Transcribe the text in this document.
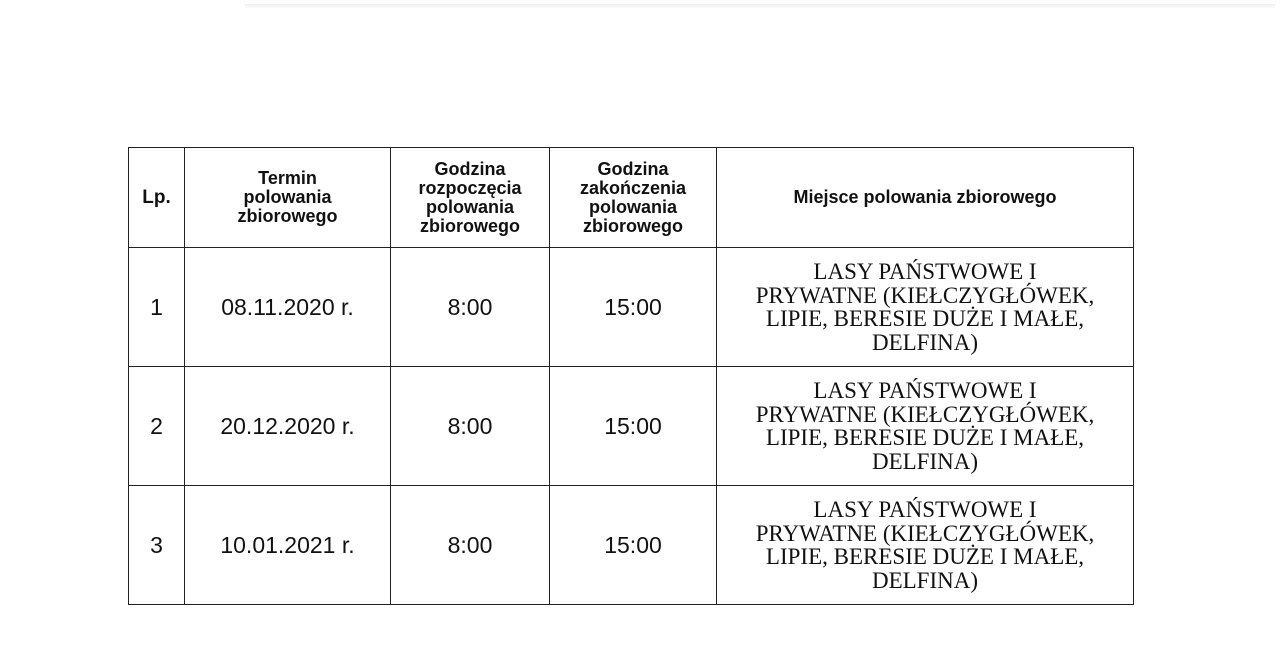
Lp.	Termin
polowania
zbiorowego	Godzina
rozpoczęcia
polowania
zbiorowego	Godzina
zakończenia
polowania
zbiorowego	Miejsce polowania zbiorowego
1	08.11.2020 r.	8:00	15:00	LASY PAŃSTWOWE I
PRYWATNE (KIEŁCZYGŁÓWEK,
LIPIE, BERESIE DUŻE I MAŁE,
DELFINA)

2	20.12.2020 r.	8:00	15:00	LASY PAŃSTWOWE I
PRYWATNE (KIEŁCZYGŁÓWEK,
LIPIE, BERESIE DUŻE I MAŁE,
DELFINA)

3	10.01.2021 r.	8:00	15:00	LASY PAŃSTWOWE I
PRYWATNE (KIEŁCZYGŁÓWEK,
LIPIE, BERESIE DUŻE I MAŁE,
DELFINA)
